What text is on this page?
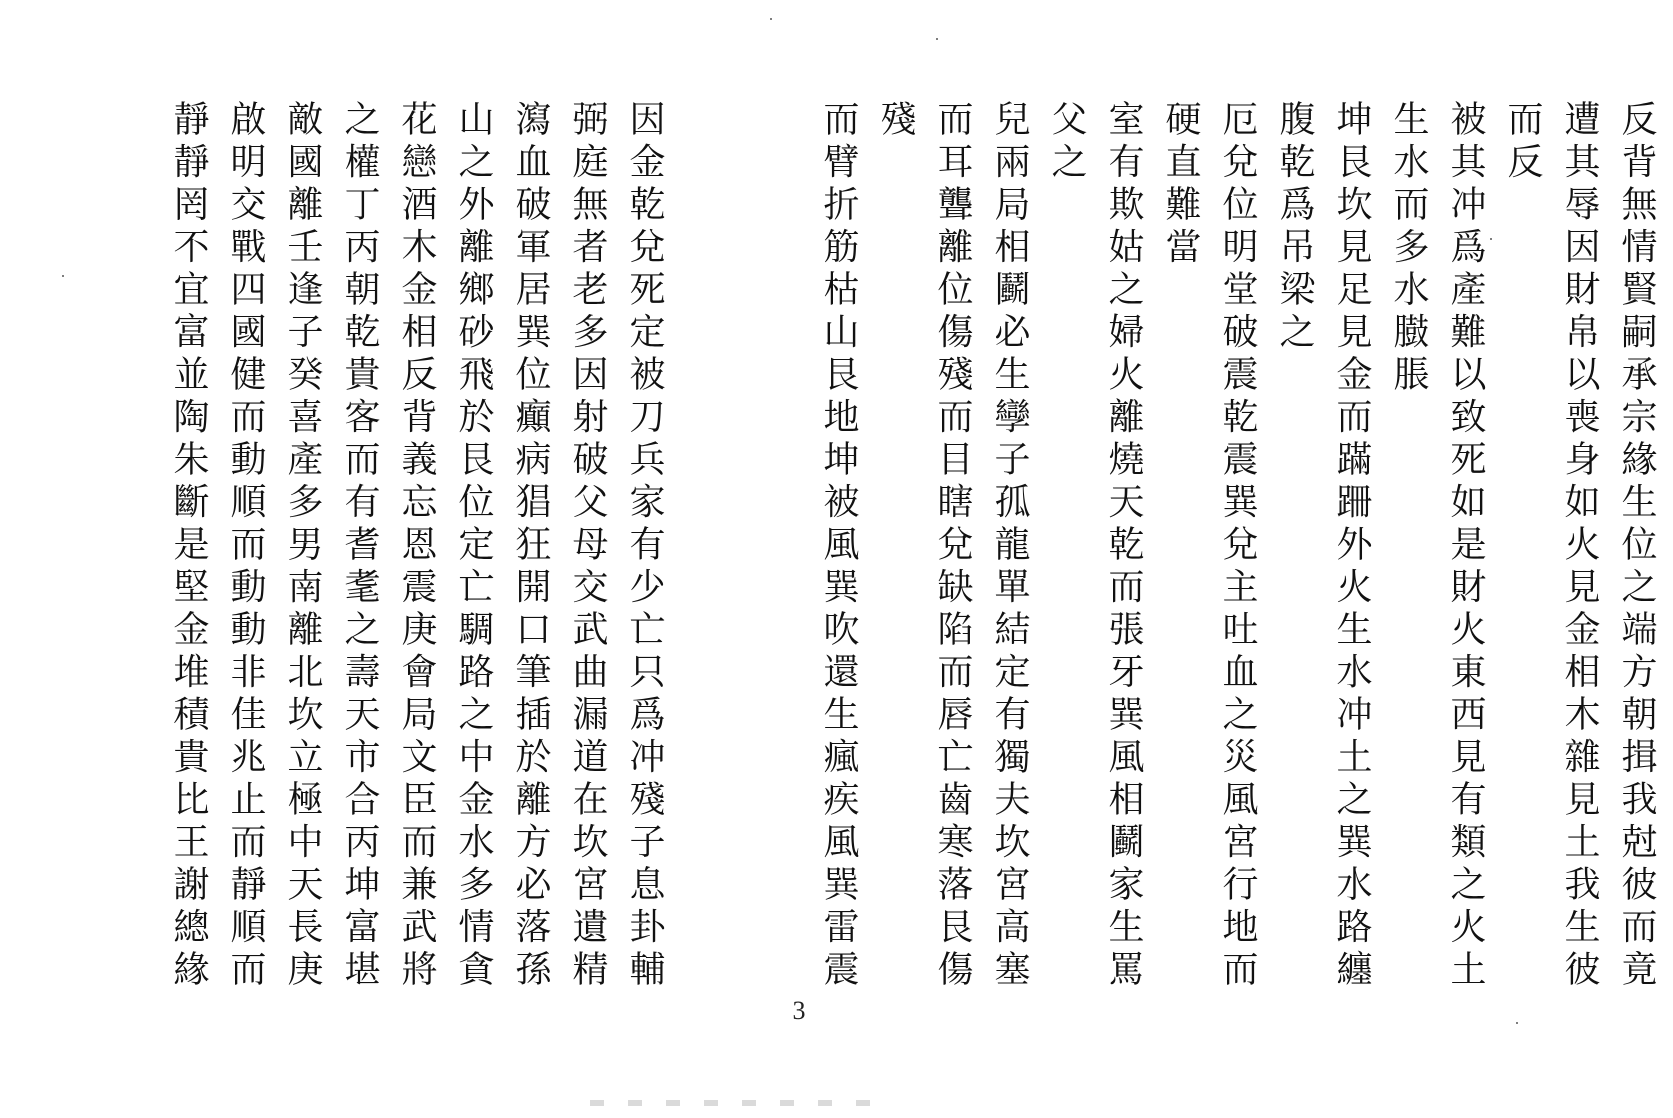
因金乾兌死定被刀兵家有少亡只爲冲殘子息卦輔
弼庭無者老多因射破父母交武曲漏道在坎宮遺精
瀉血破軍居巽位癲病猖狂開口筆插於離方必落孫
山之外離鄉砂飛於艮位定亡騆路之中金水多情貪
花戀酒木金相反背義忘恩震庚會局文臣而兼武將
之權丁丙朝乾貴客而有耆耄之壽天市合丙坤富堪
敵國離壬逢子癸喜產多男南離北坎立極中天長庚
啟明交戰四國健而動順而動動非佳兆止而靜順而
靜靜罔不宜富並陶朱斷是堅金堆積貴比王謝總緣	反背無情賢嗣承宗緣生位之端方朝揖我尅彼而竟
遭其辱因財帛以喪身如火見金相木雜見土我生彼而反
被其冲爲產難以致死如是財火東西見有類之火土生水而多水臌脹
坤艮坎見足見金而蹣跚外火生水冲土之巽水路纏腹乾爲吊梁之
厄兌位明堂破震乾震巽兌主吐血之災風宮行地而硬直難當
室有欺姑之婦火離燒天乾而張牙巽風相鬬家生罵父之
兒兩局相鬬必生孿子孤龍單結定有獨夫坎宮高塞
而耳聾離位傷殘而目瞎兌缺陷而唇亡齒寒落艮傷殘
而臂折筋枯山艮地坤被風巽吹還生瘋疾風巽雷震
3
